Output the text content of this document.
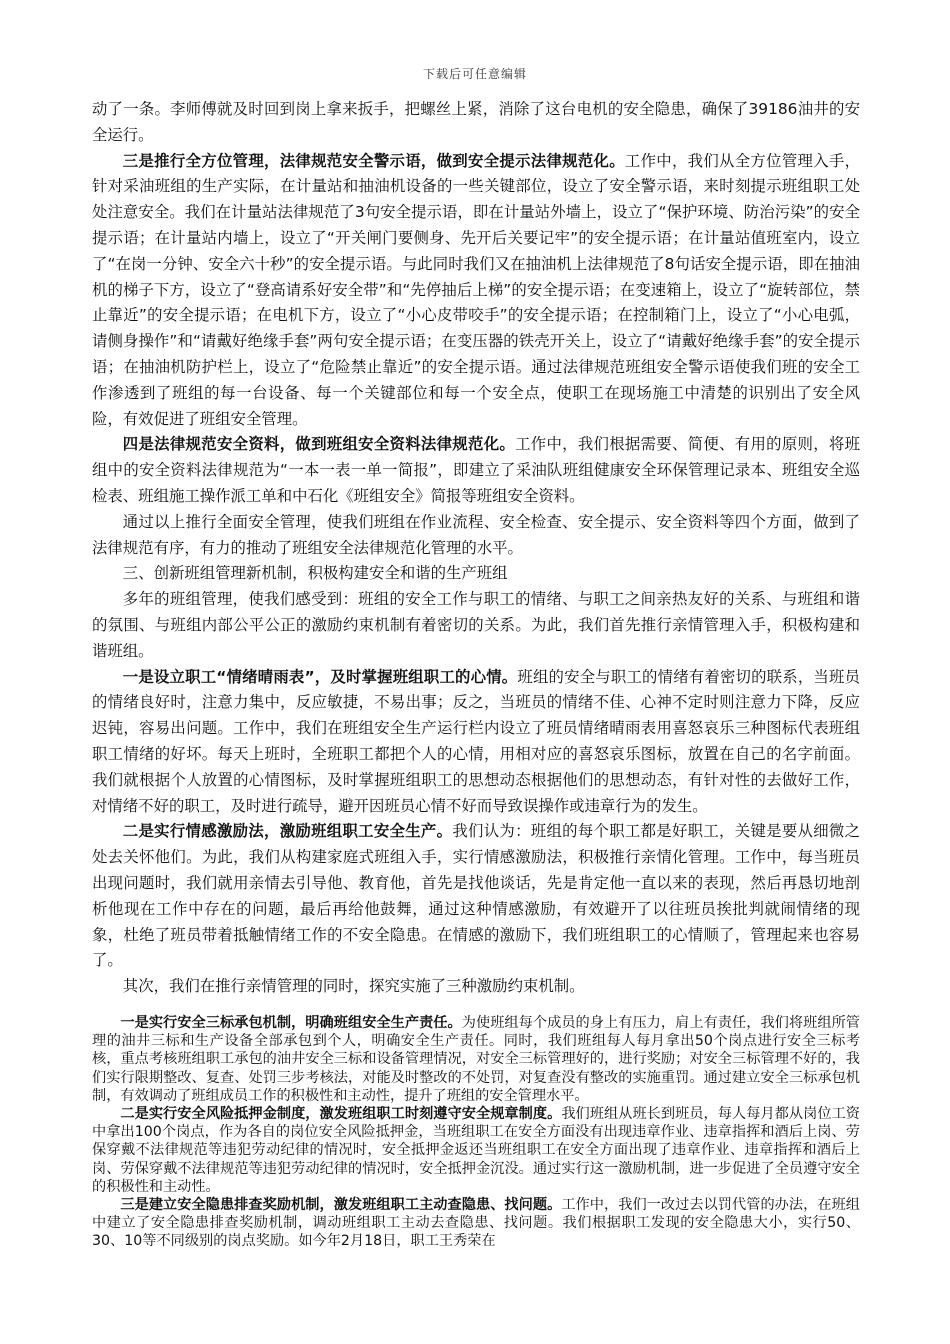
下载后可任意编辑

动了一条。李师傅就及时回到岗上拿来扳手，把螺丝上紧，消除了这台电机的安全隐患，确保了39186油井的安全运行。

三是推行全方位管理，法律规范安全警示语，做到安全提示法律规范化。工作中，我们从全方位管理入手，针对采油班组的生产实际，在计量站和抽油机设备的一些关键部位，设立了安全警示语，来时刻提示班组职工处处注意安全。我们在计量站法律规范了3句安全提示语，即在计量站外墙上，设立了“保护环境、防治污染”的安全提示语；在计量站内墙上，设立了“开关闸门要侧身、先开后关要记牢”的安全提示语；在计量站值班室内，设立了“在岗一分钟、安全六十秒”的安全提示语。与此同时我们又在抽油机上法律规范了8句话安全提示语，即在抽油机的梯子下方，设立了“登高请系好安全带”和“先停抽后上梯”的安全提示语；在变速箱上，设立了“旋转部位，禁止靠近”的安全提示语；在电机下方，设立了“小心皮带咬手”的安全提示语；在控制箱门上，设立了“小心电弧，请侧身操作”和“请戴好绝缘手套”两句安全提示语；在变压器的铁壳开关上，设立了“请戴好绝缘手套”的安全提示语；在抽油机防护栏上，设立了“危险禁止靠近”的安全提示语。通过法律规范班组安全警示语使我们班的安全工作渗透到了班组的每一台设备、每一个关键部位和每一个安全点，使职工在现场施工中清楚的识别出了安全风险，有效促进了班组安全管理。

四是法律规范安全资料，做到班组安全资料法律规范化。工作中，我们根据需要、简便、有用的原则，将班组中的安全资料法律规范为“一本一表一单一简报”，即建立了采油队班组健康安全环保管理记录本、班组安全巡检表、班组施工操作派工单和中石化《班组安全》简报等班组安全资料。

通过以上推行全面安全管理，使我们班组在作业流程、安全检查、安全提示、安全资料等四个方面，做到了法律规范有序，有力的推动了班组安全法律规范化管理的水平。

三、创新班组管理新机制，积极构建安全和谐的生产班组

多年的班组管理，使我们感受到：班组的安全工作与职工的情绪、与职工之间亲热友好的关系、与班组和谐的氛围、与班组内部公平公正的激励约束机制有着密切的关系。为此，我们首先推行亲情管理入手，积极构建和谐班组。

一是设立职工“情绪晴雨表”，及时掌握班组职工的心情。班组的安全与职工的情绪有着密切的联系，当班员的情绪良好时，注意力集中，反应敏捷，不易出事；反之，当班员的情绪不佳、心神不定时则注意力下降，反应迟钝，容易出问题。工作中，我们在班组安全生产运行栏内设立了班员情绪晴雨表用喜怒哀乐三种图标代表班组职工情绪的好坏。每天上班时，全班职工都把个人的心情，用相对应的喜怒哀乐图标，放置在自己的名字前面。我们就根据个人放置的心情图标，及时掌握班组职工的思想动态根据他们的思想动态，有针对性的去做好工作，对情绪不好的职工，及时进行疏导，避开因班员心情不好而导致误操作或违章行为的发生。

二是实行情感激励法，激励班组职工安全生产。我们认为：班组的每个职工都是好职工，关键是要从细微之处去关怀他们。为此，我们从构建家庭式班组入手，实行情感激励法，积极推行亲情化管理。工作中，每当班员出现问题时，我们就用亲情去引导他、教育他，首先是找他谈话，先是肯定他一直以来的表现，然后再恳切地剖析他现在工作中存在的问题，最后再给他鼓舞，通过这种情感激励，有效避开了以往班员挨批判就闹情绪的现象，杜绝了班员带着抵触情绪工作的不安全隐患。在情感的激励下，我们班组职工的心情顺了，管理起来也容易了。

其次，我们在推行亲情管理的同时，探究实施了三种激励约束机制。

一是实行安全三标承包机制，明确班组安全生产责任。为使班组每个成员的身上有压力，肩上有责任，我们将班组所管理的油井三标和生产设备全部承包到个人，明确安全生产责任。同时，我们班组每人每月拿出50个岗点进行安全三标考核，重点考核班组职工承包的油井安全三标和设备管理情况，对安全三标管理好的，进行奖励；对安全三标管理不好的，我们实行限期整改、复查、处罚三步考核法，对能及时整改的不处罚，对复查没有整改的实施重罚。通过建立安全三标承包机制，有效调动了班组成员工作的积极性和主动性，提升了班组的安全管理水平。

二是实行安全风险抵押金制度，激发班组职工时刻遵守安全规章制度。我们班组从班长到班员，每人每月都从岗位工资中拿出100个岗点，作为各自的岗位安全风险抵押金，当班组职工在安全方面没有出现违章作业、违章指挥和酒后上岗、劳保穿戴不法律规范等违犯劳动纪律的情况时，安全抵押金返还当班组职工在安全方面出现了违章作业、违章指挥和酒后上岗、劳保穿戴不法律规范等违犯劳动纪律的情况时，安全抵押金沉没。通过实行这一激励机制，进一步促进了全员遵守安全的积极性和主动性。

三是建立安全隐患排查奖励机制，激发班组职工主动查隐患、找问题。工作中，我们一改过去以罚代管的办法，在班组中建立了安全隐患排查奖励机制，调动班组职工主动去查隐患、找问题。我们根据职工发现的安全隐患大小，实行50、30、10等不同级别的岗点奖励。如今年2月18日，职工王秀荣在
